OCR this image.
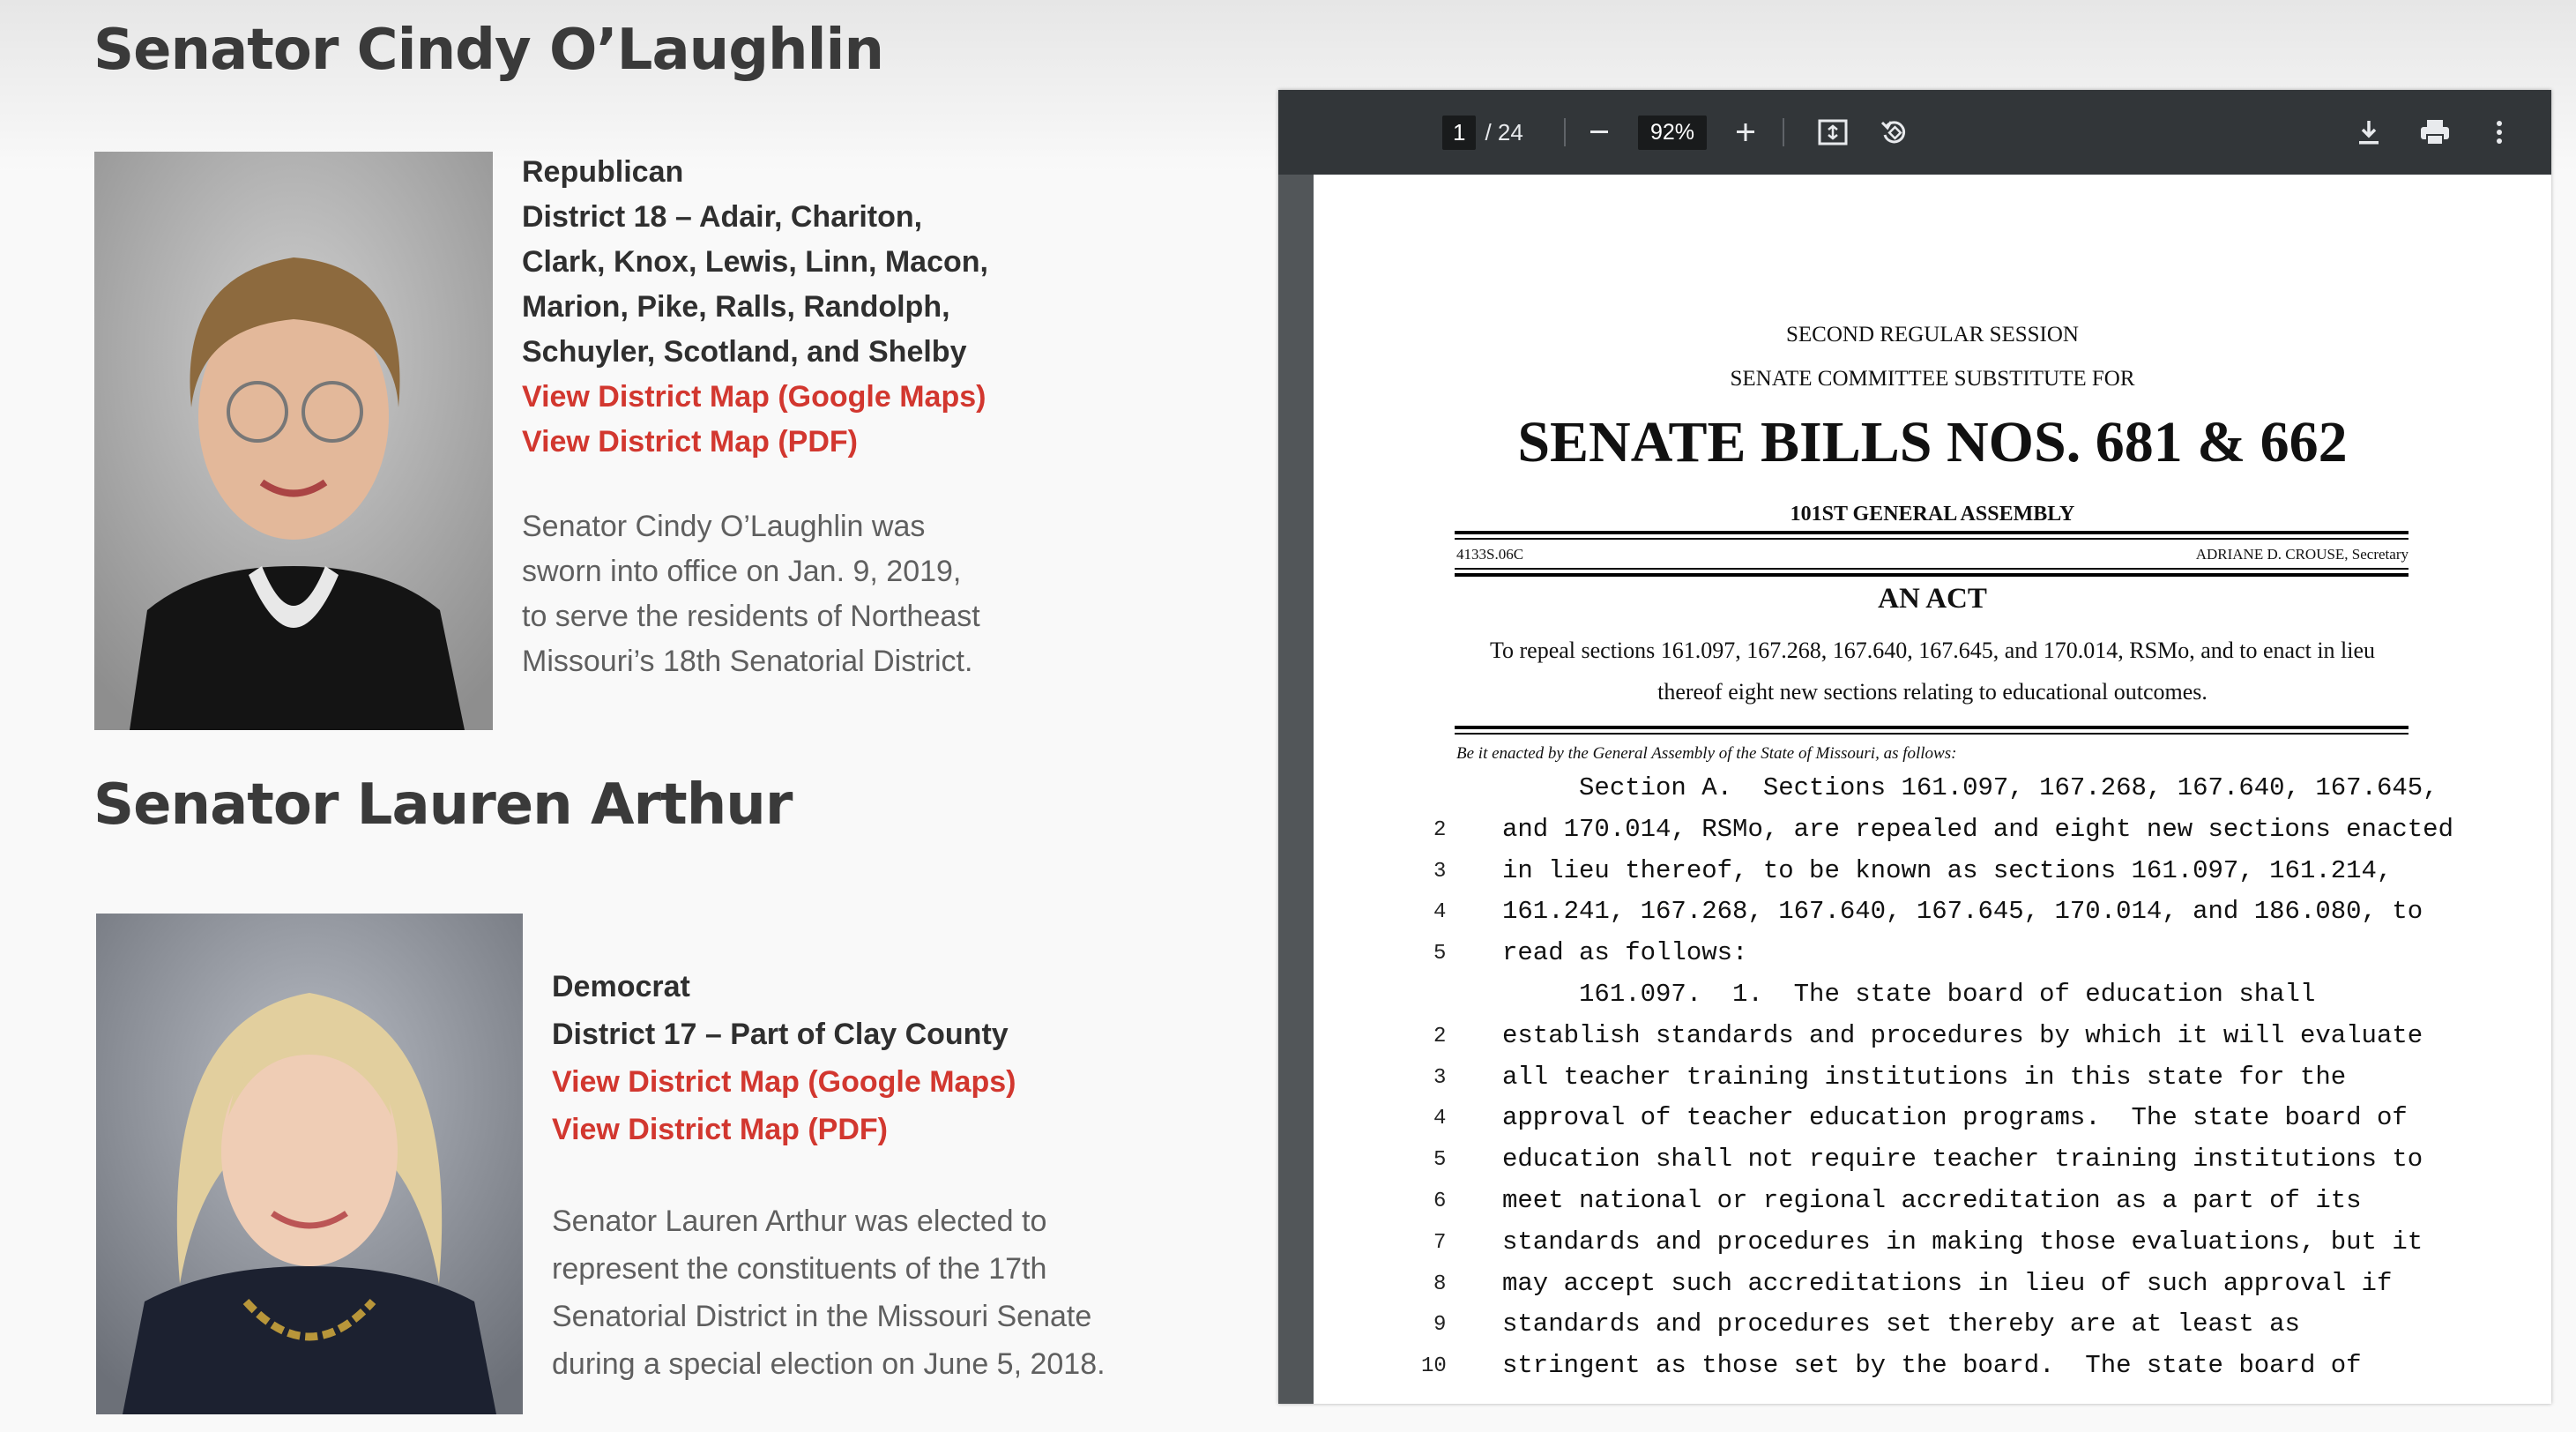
Senator Cindy O’Laughlin
Republican
District 18 – Adair, Chariton,
Clark, Knox, Lewis, Linn, Macon,
Marion, Pike, Ralls, Randolph,
Schuyler, Scotland, and Shelby
View District Map (Google Maps)
View District Map (PDF)
Senator Cindy O’Laughlin was
sworn into office on Jan. 9, 2019,
to serve the residents of Northeast
Missouri’s 18th Senatorial District.
Senator Lauren Arthur
Democrat
District 17 – Part of Clay County
View District Map (Google Maps)
View District Map (PDF)
Senator Lauren Arthur was elected to
represent the constituents of the 17th
Senatorial District in the Missouri Senate
during a special election on June 5, 2018.
1 / 24	92%
SECOND REGULAR SESSION
SENATE COMMITTEE SUBSTITUTE FOR
SENATE BILLS NOS. 681 & 662
101ST GENERAL ASSEMBLY
4133S.06C	ADRIANE D. CROUSE, Secretary
AN ACT
To repeal sections 161.097, 167.268, 167.640, 167.645, and 170.014, RSMo, and to enact in lieu
thereof eight new sections relating to educational outcomes.
Be it enacted by the General Assembly of the State of Missouri, as follows:
Section A.  Sections 161.097, 167.268, 167.640, 167.645,
2 and 170.014, RSMo, are repealed and eight new sections enacted
3 in lieu thereof, to be known as sections 161.097, 161.214,
4 161.241, 167.268, 167.640, 167.645, 170.014, and 186.080, to
5 read as follows:
161.097.  1.  The state board of education shall
2 establish standards and procedures by which it will evaluate
3 all teacher training institutions in this state for the
4 approval of teacher education programs.  The state board of
5 education shall not require teacher training institutions to
6 meet national or regional accreditation as a part of its
7 standards and procedures in making those evaluations, but it
8 may accept such accreditations in lieu of such approval if
9 standards and procedures set thereby are at least as
10 stringent as those set by the board.  The state board of
